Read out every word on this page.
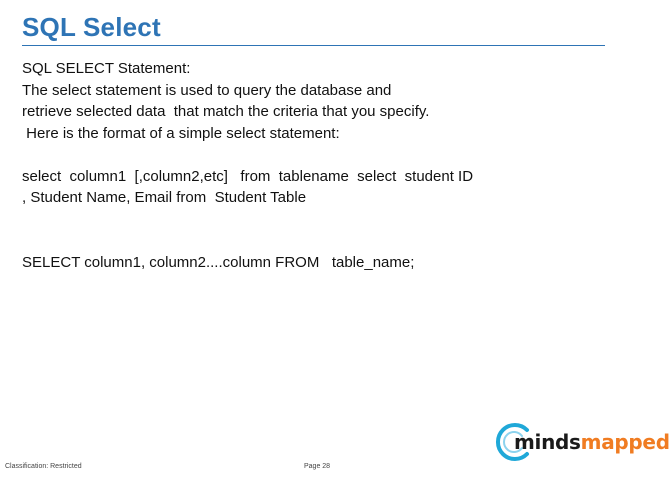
SQL Select
SQL SELECT Statement:
The select statement is used to query the database and
retrieve selected data  that match the criteria that you specify.
Here is the format of a simple select statement:
select  column1  [,column2,etc]   from  tablename  select  student ID
, Student Name, Email from  Student Table
SELECT column1, column2....column FROM   table_name;
mindsmapped
Classification: Restricted	Page 28
